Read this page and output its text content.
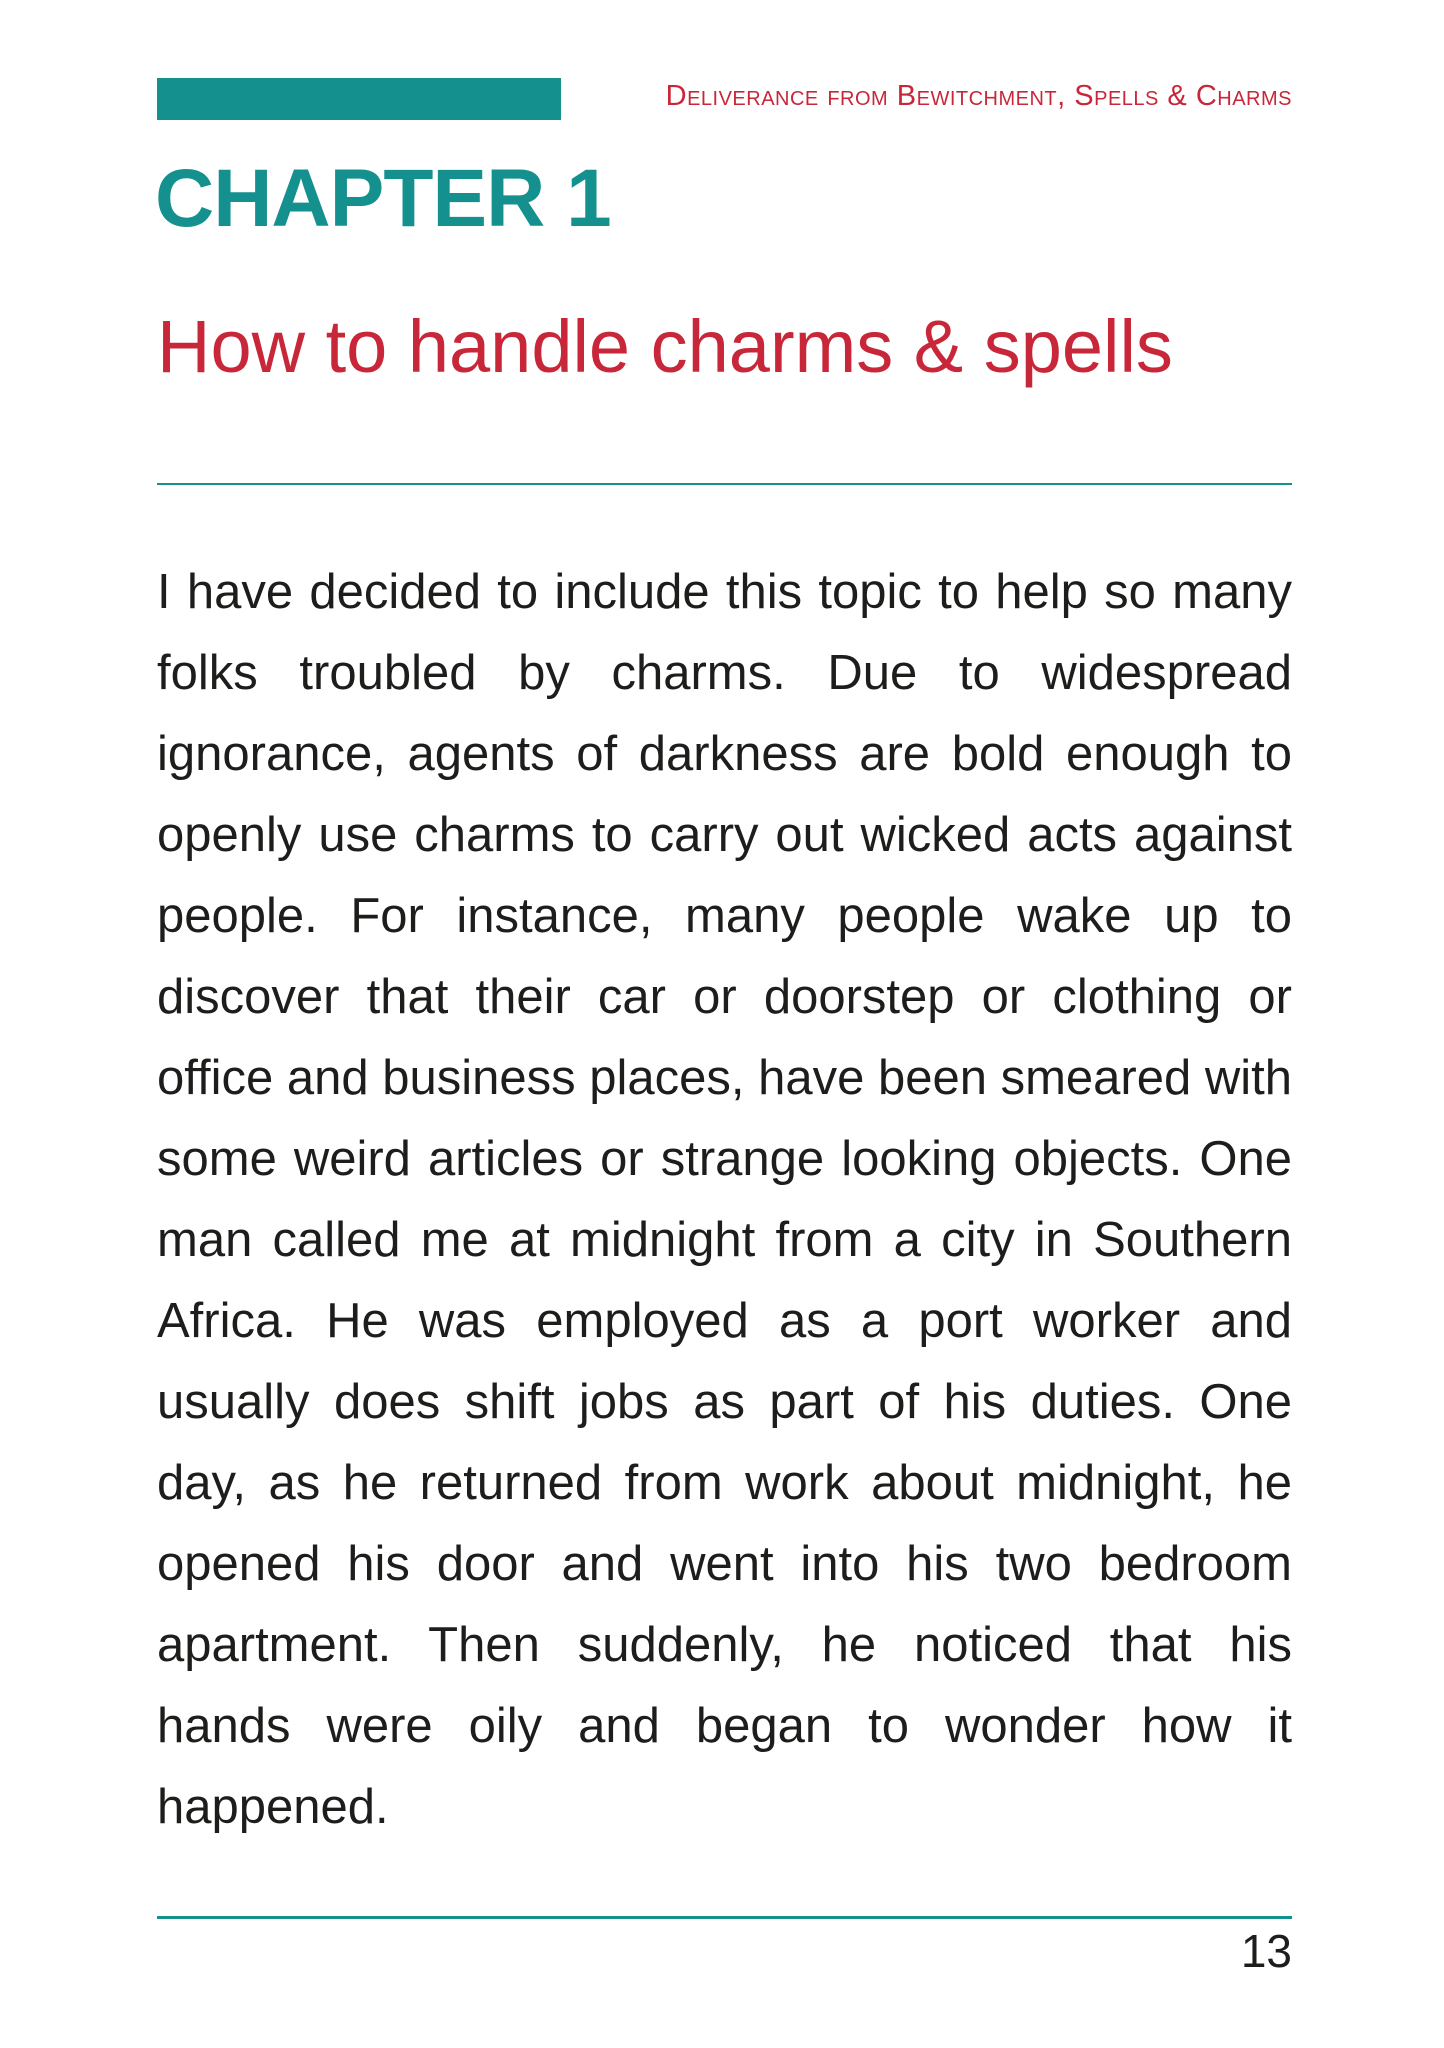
Deliverance from Bewitchment, Spells & Charms
CHAPTER 1
How to handle charms & spells

I have decided to include this topic to help so many folks troubled by charms. Due to widespread ignorance, agents of darkness are bold enough to openly use charms to carry out wicked acts against people. For instance, many people wake up to discover that their car or doorstep or clothing or office and business places, have been smeared with some weird articles or strange looking objects. One man called me at midnight from a city in Southern Africa. He was employed as a port worker and usually does shift jobs as part of his duties. One day, as he returned from work about midnight, he opened his door and went into his two bedroom apartment. Then suddenly, he noticed that his hands were oily and began to wonder how it happened.

13
